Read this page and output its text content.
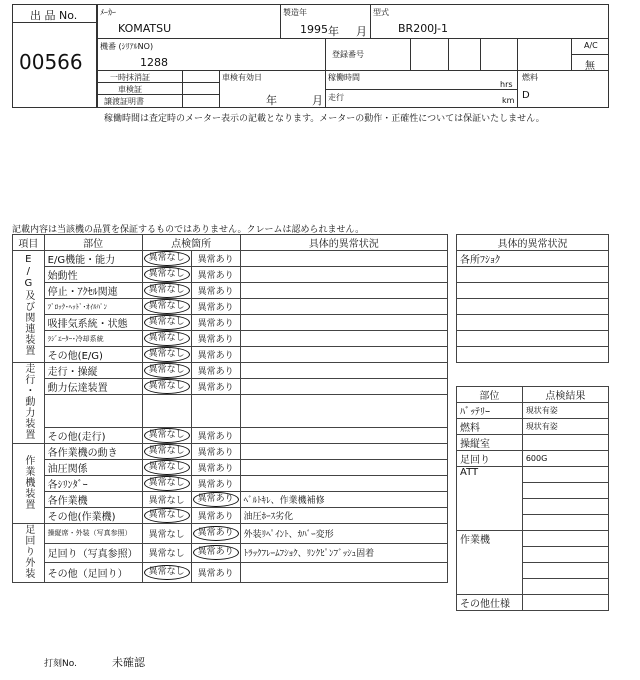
出 品 No.
00566
ﾒｰｶｰ
KOMATSU
製造年
1995 年 月
型式
BR200J-1
機番 (ｼﾘｱﾙNO)
1288
登録番号
A/C
無
一時抹消証
車検証
譲渡証明書
車検有効日
年	月
稼働時間
走行
hrs
km
燃料
D
稼働時間は査定時のメーター表示の記載となります。メーターの動作・正確性については保証いたしません。
記載内容は当該機の品質を保証するものではありません。クレームは認められません。
項目	部位	点検箇所		具体的異常状況
E/G及び関連装置	E/G機能・能力	異常なし	異常あり	
	始動性	異常なし	異常あり	
	停止・ｱｸｾﾙ関連	異常なし	異常あり	
	ﾌﾞﾛｯｸ･ﾍｯﾄﾞ･ｵｲﾙﾊﾟﾝ	異常なし	異常あり	
	吸排気系統・状態	異常なし	異常あり	
	ﾗｼﾞｴｰﾀｰ･冷却系統	異常なし	異常あり	
	その他(E/G)	異常なし	異常あり	
走行・動力装置	走行・操縦	異常なし	異常あり	
	動力伝達装置	異常なし	異常あり	

	その他(走行)	異常なし	異常あり	
作業機装置	各作業機の動き	異常なし	異常あり	
	油圧関係	異常なし	異常あり	
	各ｼﾘﾝﾀﾞｰ	異常なし	異常あり	
	各作業機	異常なし	異常あり	ﾍﾞﾙﾄｷﾚ、作業機補修
	その他(作業機)	異常なし	異常あり	油圧ﾎｰｽ劣化
足回り外装	操縦席・外装（写真参照）	異常なし	異常あり	外装ﾘﾍﾟｲﾝﾄ、ｶﾊﾞｰ変形
	足回り（写真参照）	異常なし	異常あり	ﾄﾗｯｸﾌﾚｰﾑﾌｼｮｸ、ﾘﾝｸﾋﾟﾝﾌﾞｯｼｭ固着
	その他（足回り）	異常なし	異常あり	
具体的異常状況
各所ﾌｼｮｸ

部位	点検結果
ﾊﾞｯﾃﾘｰ	現状有姿
燃料	現状有姿
操縦室	
足回り	600G
ATT	

作業機	

その他仕様	
打刻No.	未確認
